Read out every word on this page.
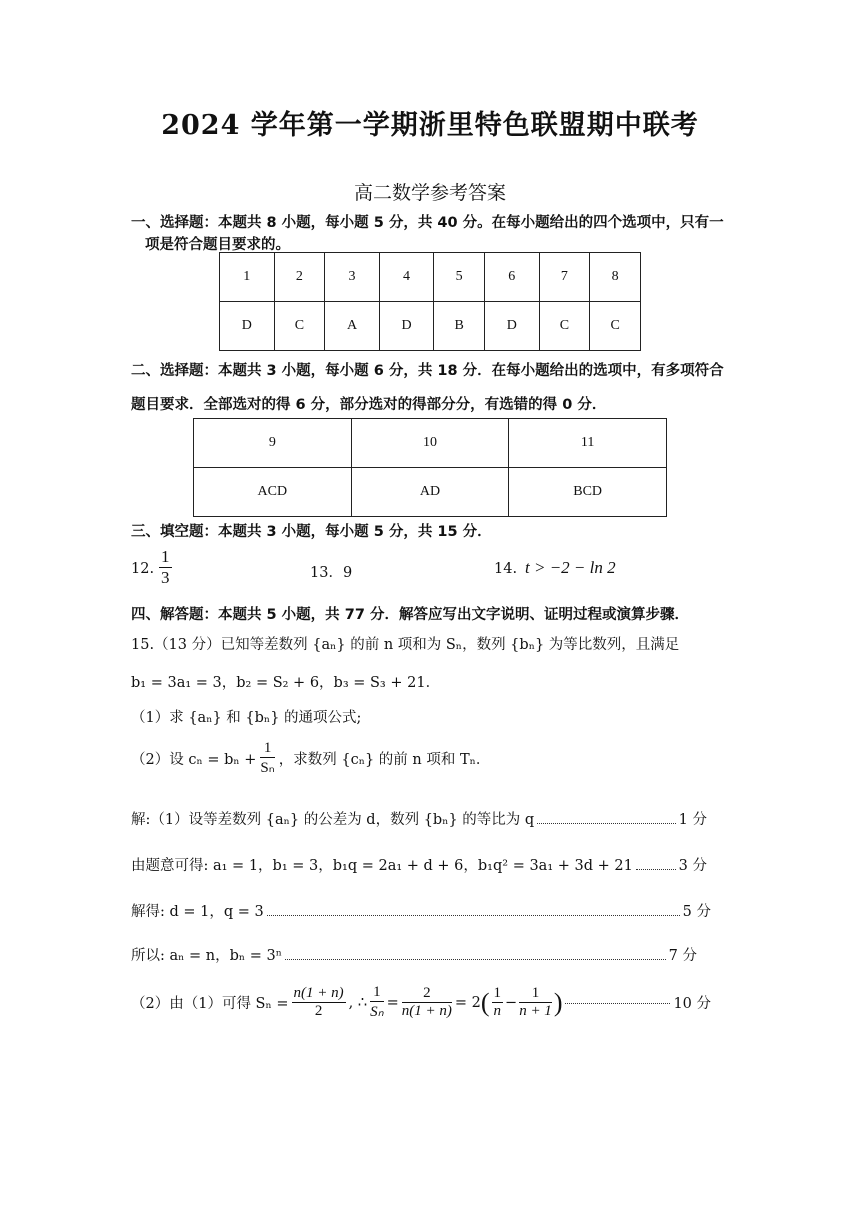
2024 学年第一学期浙里特色联盟期中联考
高二数学参考答案
一、选择题：本题共 8 小题，每小题 5 分，共 40 分。在每小题给出的四个选项中，只有一
项是符合题目要求的。
1	2	3	4	5	6	7	8
D	C	A	D	B	D	C	C
二、选择题：本题共 3 小题，每小题 6 分，共 18 分．在每小题给出的选项中，有多项符合
题目要求．全部选对的得 6 分，部分选对的得部分分，有选错的得 0 分．
9	10	11
ACD	AD	BCD
三、填空题：本题共 3 小题，每小题 5 分，共 15 分．
12. $\frac{1}{3}$	13．9	14. t > −2 − ln 2
四、解答题：本题共 5 小题，共 77 分．解答应写出文字说明、证明过程或演算步骤．
15.（13 分）已知等差数列 {aₙ} 的前 n 项和为 Sₙ，数列 {bₙ} 为等比数列，且满足
b₁ = 3a₁ = 3，b₂ = S₂ + 6，b₃ = S₃ + 21．
（1）求 {aₙ} 和 {bₙ} 的通项公式;
（2）设 $c_n = b_n + \frac{1}{\text{Sₙ}}$ ，求数列 {cₙ} 的前 n 项和 Tₙ．
解:（1）设等差数列 {aₙ} 的公差为 d，数列 {bₙ} 的等比为 q	1 分
由题意可得: a₁ = 1，b₁ = 3，b₁q = 2a₁ + d + 6，b₁q² = 3a₁ + 3d + 21	3 分
解得: d = 1，q = 3	5 分
所以: aₙ = n，bₙ = 3ⁿ	7 分
（2）由（1）可得 $S_n = \frac{n(1 + n)}{2}$ , ∴ $\frac{1}{\text{Sₙ}} = \frac{2}{n(1 + n)} = 2$ ( $\frac{1}{n} - \frac{1}{n + 1}$ )	10 分
